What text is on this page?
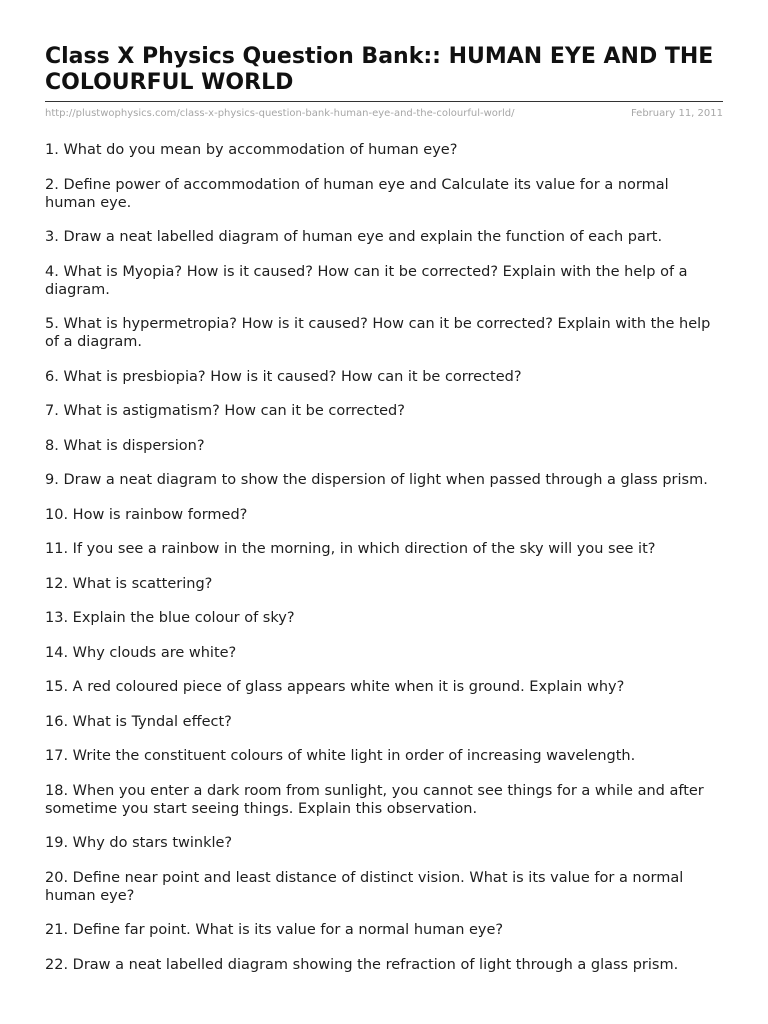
Class X Physics Question Bank:: HUMAN EYE AND THE COLOURFUL WORLD
http://plustwophysics.com/class-x-physics-question-bank-human-eye-and-the-colourful-world/	February 11, 2011
1. What do you mean by accommodation of human eye?
2. Define power of accommodation of human eye and Calculate its value for a normal human eye.
3. Draw a neat labelled diagram of human eye and explain the function of each part.
4. What is Myopia? How is it caused? How can it be corrected? Explain with the help of a diagram.
5. What is hypermetropia? How is it caused? How can it be corrected? Explain with the help of a diagram.
6. What is presbiopia? How is it caused? How can it be corrected?
7. What is astigmatism? How can it be corrected?
8. What is dispersion?
9. Draw a neat diagram to show the dispersion of light when passed through a glass prism.
10. How is rainbow formed?
11. If you see a rainbow in the morning, in which direction of the sky will you see it?
12. What is scattering?
13. Explain the blue colour of sky?
14. Why clouds are white?
15. A red coloured piece of glass appears white when it is ground. Explain why?
16. What is Tyndal effect?
17. Write the constituent colours of white light in order of increasing wavelength.
18. When you enter a dark room from sunlight, you cannot see things for a while and after sometime you start seeing things. Explain this observation.
19. Why do stars twinkle?
20. Define near point and least distance of distinct vision. What is its value for a normal human eye?
21. Define far point. What is its value for a normal human eye?
22. Draw a neat labelled diagram showing the refraction of light through a glass prism.
